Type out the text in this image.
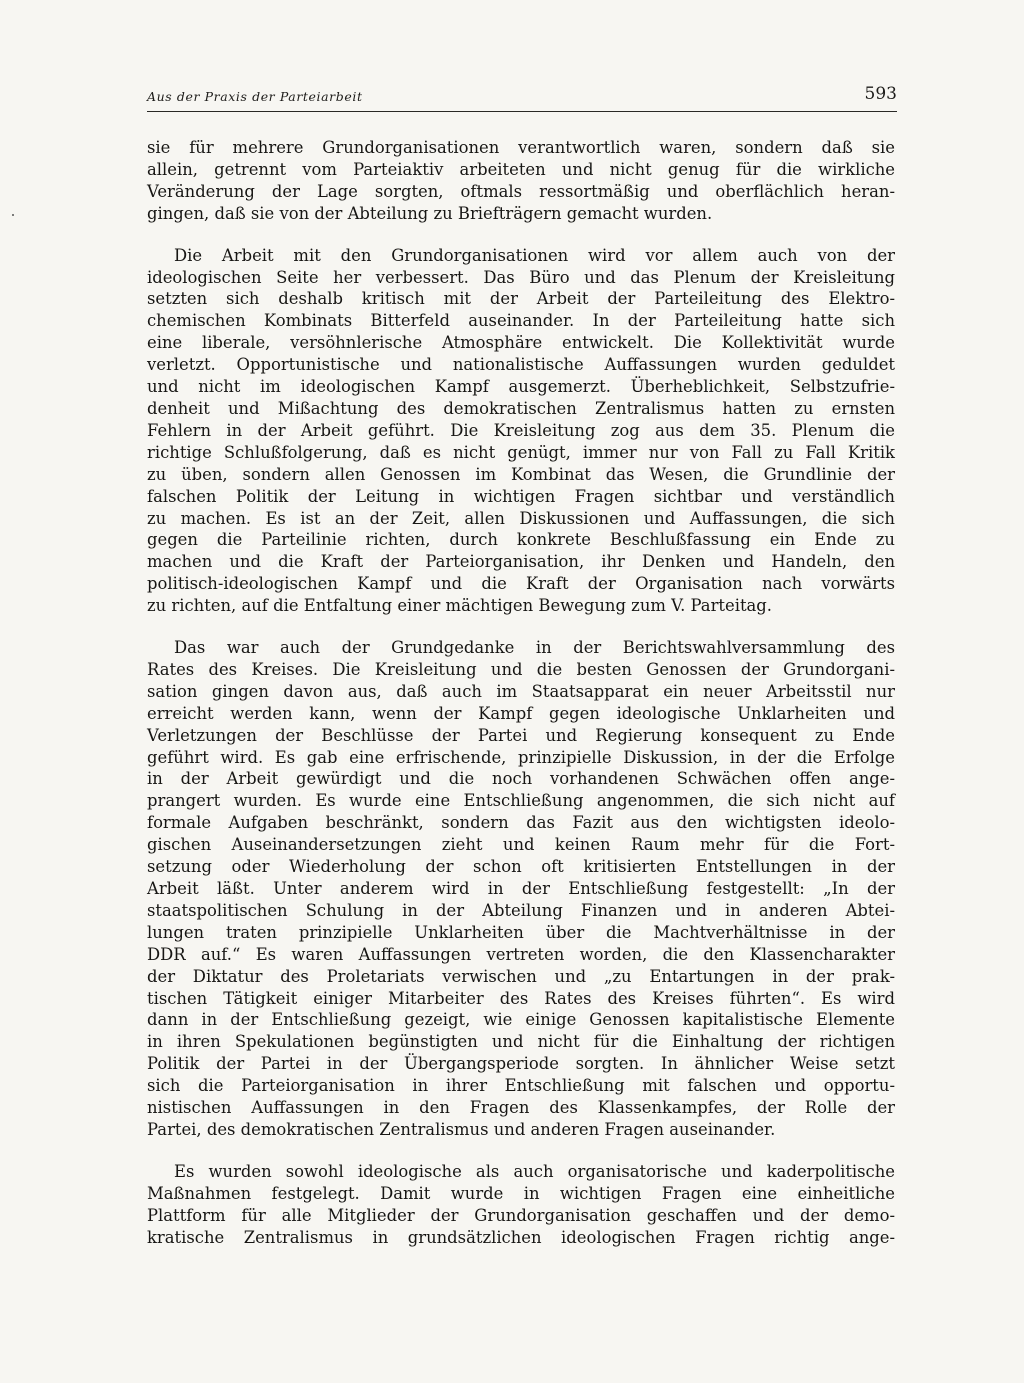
Aus der Praxis der Parteiarbeit	593
sie für mehrere Grundorganisationen verantwortlich waren, sondern daß sie
allein, getrennt vom Parteiaktiv arbeiteten und nicht genug für die wirkliche
Veränderung der Lage sorgten, oftmals ressortmäßig und oberflächlich heran-
gingen, daß sie von der Abteilung zu Briefträgern gemacht wurden.
Die Arbeit mit den Grundorganisationen wird vor allem auch von der
ideologischen Seite her verbessert. Das Büro und das Plenum der Kreisleitung
setzten sich deshalb kritisch mit der Arbeit der Parteileitung des Elektro-
chemischen Kombinats Bitterfeld auseinander. In der Parteileitung hatte sich
eine liberale, versöhnlerische Atmosphäre entwickelt. Die Kollektivität wurde
verletzt. Opportunistische und nationalistische Auffassungen wurden geduldet
und nicht im ideologischen Kampf ausgemerzt. Überheblichkeit, Selbstzufrie-
denheit und Mißachtung des demokratischen Zentralismus hatten zu ernsten
Fehlern in der Arbeit geführt. Die Kreisleitung zog aus dem 35. Plenum die
richtige Schlußfolgerung, daß es nicht genügt, immer nur von Fall zu Fall Kritik
zu üben, sondern allen Genossen im Kombinat das Wesen, die Grundlinie der
falschen Politik der Leitung in wichtigen Fragen sichtbar und verständlich
zu machen. Es ist an der Zeit, allen Diskussionen und Auffassungen, die sich
gegen die Parteilinie richten, durch konkrete Beschlußfassung ein Ende zu
machen und die Kraft der Parteiorganisation, ihr Denken und Handeln, den
politisch-ideologischen Kampf und die Kraft der Organisation nach vorwärts
zu richten, auf die Entfaltung einer mächtigen Bewegung zum V. Parteitag.
Das war auch der Grundgedanke in der Berichtswahlversammlung des
Rates des Kreises. Die Kreisleitung und die besten Genossen der Grundorgani-
sation gingen davon aus, daß auch im Staatsapparat ein neuer Arbeitsstil nur
erreicht werden kann, wenn der Kampf gegen ideologische Unklarheiten und
Verletzungen der Beschlüsse der Partei und Regierung konsequent zu Ende
geführt wird. Es gab eine erfrischende, prinzipielle Diskussion, in der die Erfolge
in der Arbeit gewürdigt und die noch vorhandenen Schwächen offen ange-
prangert wurden. Es wurde eine Entschließung angenommen, die sich nicht auf
formale Aufgaben beschränkt, sondern das Fazit aus den wichtigsten ideolo-
gischen Auseinandersetzungen zieht und keinen Raum mehr für die Fort-
setzung oder Wiederholung der schon oft kritisierten Entstellungen in der
Arbeit läßt. Unter anderem wird in der Entschließung festgestellt: „In der
staatspolitischen Schulung in der Abteilung Finanzen und in anderen Abtei-
lungen traten prinzipielle Unklarheiten über die Machtverhältnisse in der
DDR auf.“ Es waren Auffassungen vertreten worden, die den Klassencharakter
der Diktatur des Proletariats verwischen und „zu Entartungen in der prak-
tischen Tätigkeit einiger Mitarbeiter des Rates des Kreises führten“. Es wird
dann in der Entschließung gezeigt, wie einige Genossen kapitalistische Elemente
in ihren Spekulationen begünstigten und nicht für die Einhaltung der richtigen
Politik der Partei in der Übergangsperiode sorgten. In ähnlicher Weise setzt
sich die Parteiorganisation in ihrer Entschließung mit falschen und opportu-
nistischen Auffassungen in den Fragen des Klassenkampfes, der Rolle der
Partei, des demokratischen Zentralismus und anderen Fragen auseinander.
Es wurden sowohl ideologische als auch organisatorische und kaderpolitische
Maßnahmen festgelegt. Damit wurde in wichtigen Fragen eine einheitliche
Plattform für alle Mitglieder der Grundorganisation geschaffen und der demo-
kratische Zentralismus in grundsätzlichen ideologischen Fragen richtig ange-
